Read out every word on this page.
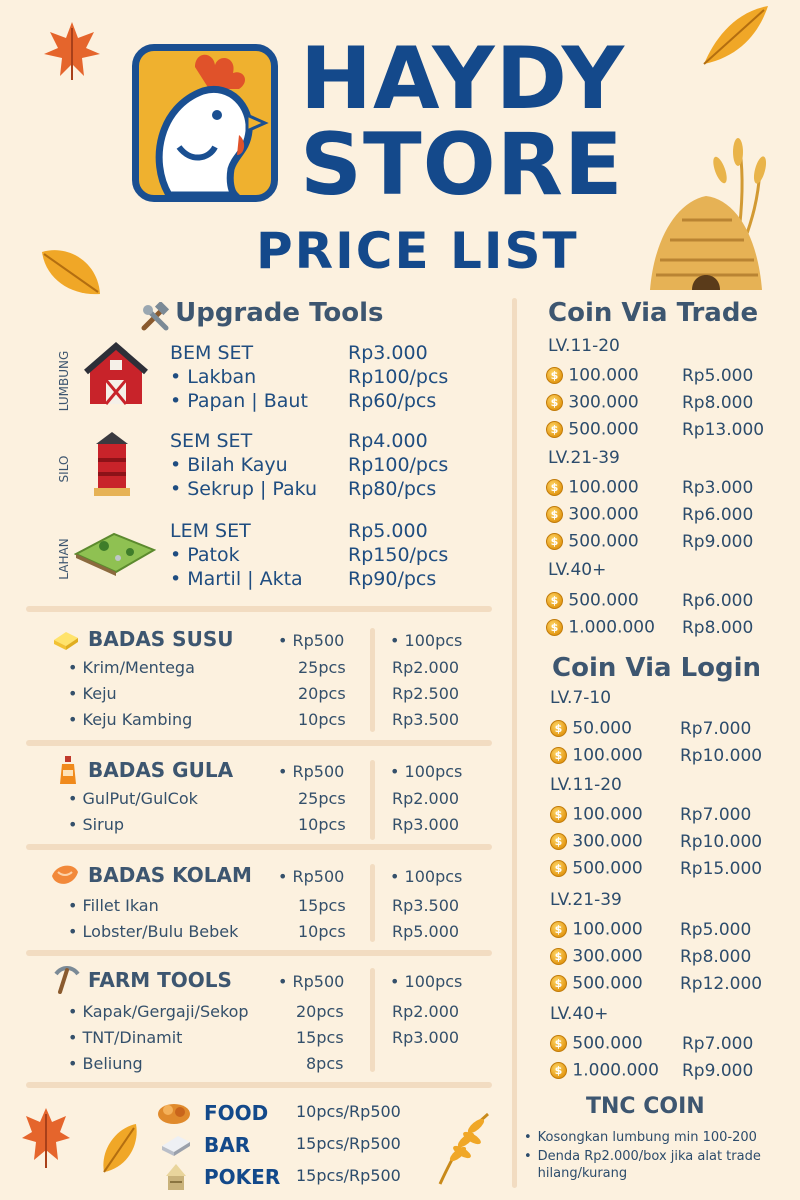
HAYDY
STORE
PRICE LIST
Upgrade Tools
LUMBUNG	BEM SET	Rp3.000
• Lakban	Rp100/pcs
• Papan | Baut Rp60/pcs
SILO
SEM SET	Rp4.000
• Bilah Kayu	Rp100/pcs
• Sekrup | Paku Rp80/pcs
LAHAN
LEM SET	Rp5.000
• Patok	Rp150/pcs
• Martil | Akta Rp90/pcs
BADAS SUSU	• Rp500	• 100pcs
• Krim/Mentega	25pcs	Rp2.000
• Keju	20pcs	Rp2.500
• Keju Kambing	10pcs	Rp3.500
BADAS GULA	• Rp500	• 100pcs
• GulPut/GulCok	25pcs	Rp2.000
• Sirup	10pcs	Rp3.000
BADAS KOLAM • Rp500	• 100pcs
• Fillet Ikan	15pcs	Rp3.500
• Lobster/Bulu Bebek	10pcs	Rp5.000
FARM TOOLS	• Rp500	• 100pcs
• Kapak/Gergaji/Sekop	20pcs	Rp2.000
• TNT/Dinamit	15pcs	Rp3.000
• Beliung	8pcs
FOOD 10pcs/Rp500
BAR	15pcs/Rp500
POKER 15pcs/Rp500
Coin Via Trade
LV.11-20
$ 100.000	Rp5.000
$ 300.000	Rp8.000
$ 500.000	Rp13.000
LV.21-39
$ 100.000	Rp3.000
$ 300.000	Rp6.000
$ 500.000	Rp9.000
LV.40+
$ 500.000	Rp6.000
$ 1.000.000 Rp8.000
Coin Via Login
LV.7-10
$ 50.000	Rp7.000
$ 100.000 Rp10.000
LV.11-20
$ 100.000 Rp7.000
$ 300.000 Rp10.000
$ 500.000 Rp15.000
LV.21-39
$ 100.000 Rp5.000
$ 300.000 Rp8.000
$ 500.000 Rp12.000
LV.40+
$ 500.000 Rp7.000
$ 1.000.000 Rp9.000
TNC COIN
• Kosongkan lumbung min 100-200
• Denda Rp2.000/box jika alat trade hilang/kurang
